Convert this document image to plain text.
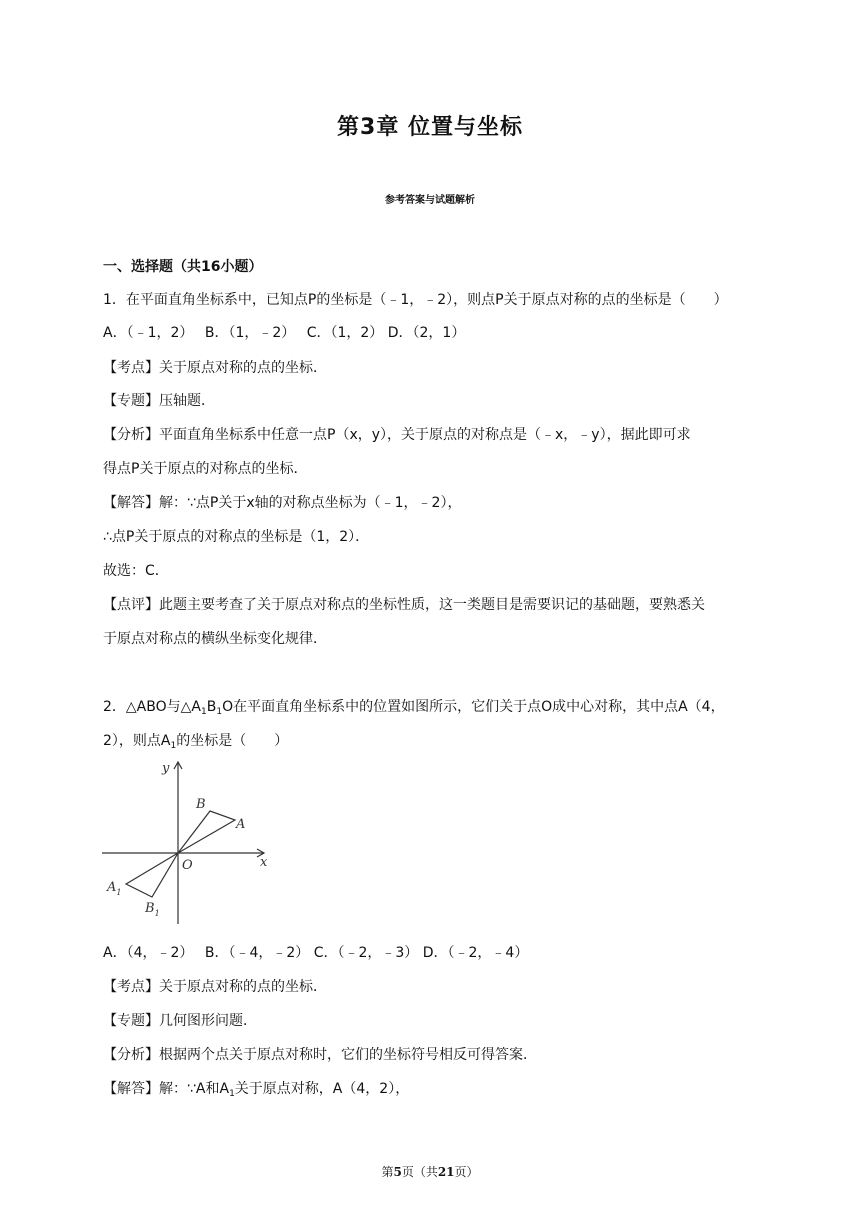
第3章 位置与坐标
参考答案与试题解析
一、选择题（共16小题）
1．在平面直角坐标系中，已知点P的坐标是（﹣1，﹣2），则点P关于原点对称的点的坐标是（　　）
A．（﹣1，2）　 B．（1，﹣2）　 C．（1，2） D．（2，1）
【考点】关于原点对称的点的坐标．
【专题】压轴题．
【分析】平面直角坐标系中任意一点P（x，y），关于原点的对称点是（﹣x，﹣y），据此即可求
得点P关于原点的对称点的坐标．
【解答】解：∵点P关于x轴的对称点坐标为（﹣1，﹣2），
∴点P关于原点的对称点的坐标是（1，2）．
故选：C．
【点评】此题主要考查了关于原点对称点的坐标性质，这一类题目是需要识记的基础题，要熟悉关
于原点对称点的横纵坐标变化规律．
2．△ABO与$\triangle A_1B_1O$在平面直角坐标系中的位置如图所示，它们关于点O成中心对称，其中点A（4，
2），则点$A_1$的坐标是（　　）
y
x
O
B
A
$A_1$
$B_1$
A．（4，﹣2）　 B．（﹣4，﹣2） C．（﹣2，﹣3） D．（﹣2，﹣4）
【考点】关于原点对称的点的坐标．
【专题】几何图形问题．
【分析】根据两个点关于原点对称时，它们的坐标符号相反可得答案．
【解答】解：∵A和$A_1$关于原点对称，A（4，2），
第5页（共21页）
